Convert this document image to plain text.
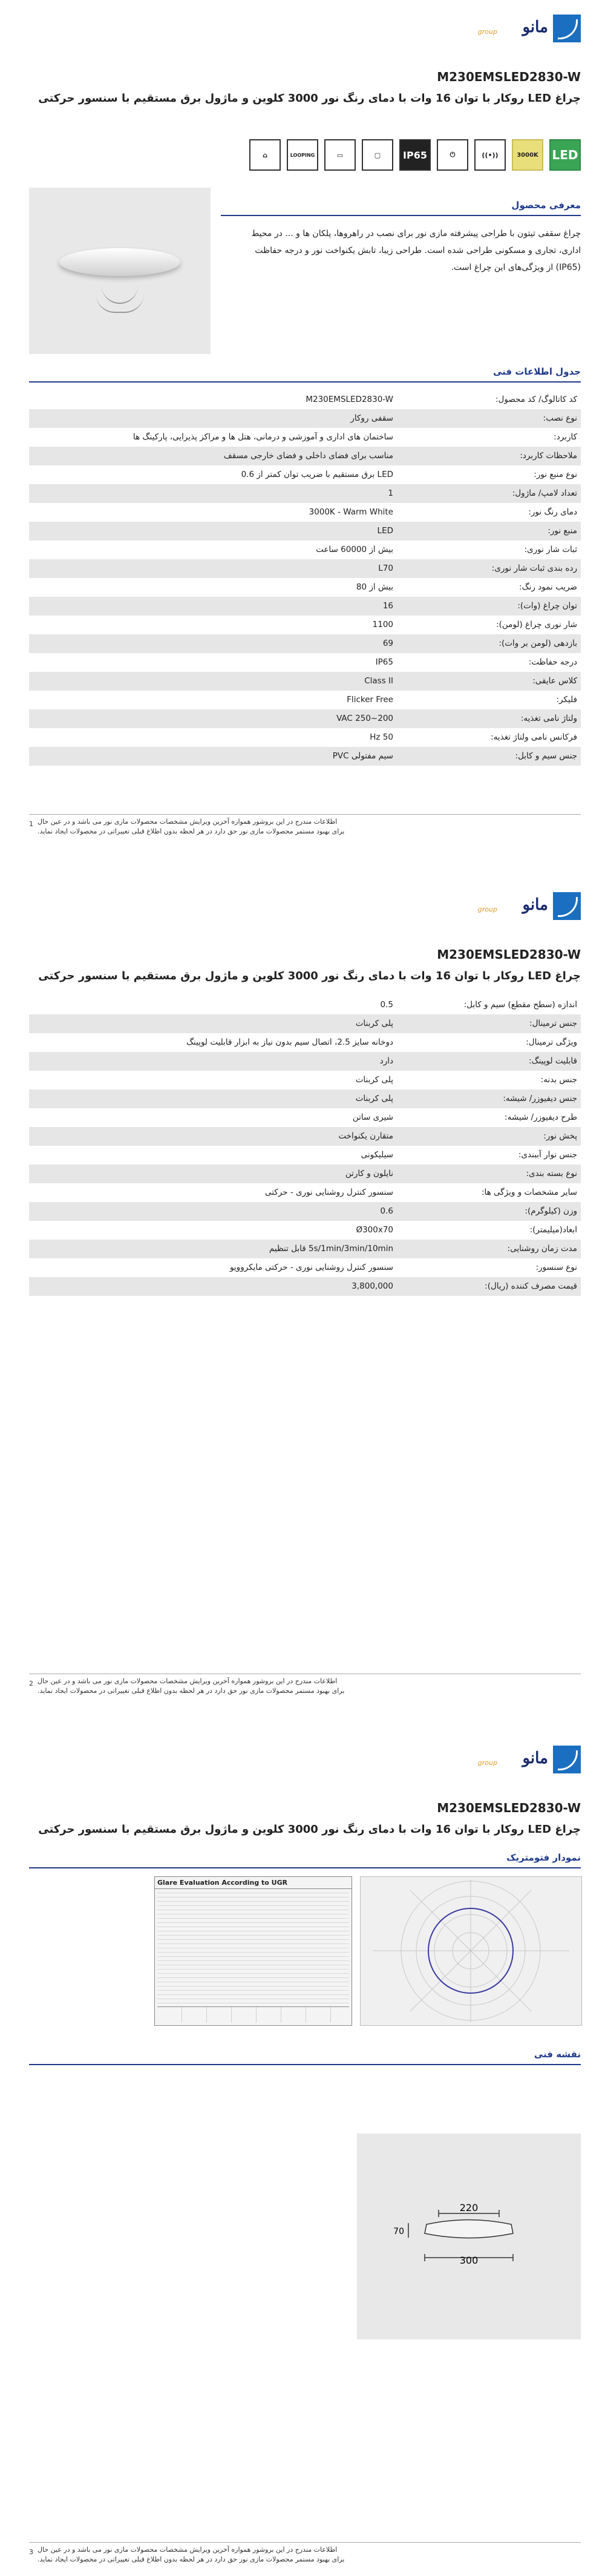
group مانو
M230EMSLED2830-W
چراغ LED روکار با توان 16 وات با دمای رنگ نور 3000 کلوین و ماژول برق مستقیم با سنسور حرکتی
LED
3000K
((•))
⏻
IP65
▢
▭
LOOPING
⌂
معرفی محصول
چراغ سقفی تیتون با طراحی پیشرفته مازی نور برای نصب در راهروها، پلکان ها و ... در محیط اداری، تجاری و مسکونی طراحی شده است. طراحی زیبا، تابش یکنواخت نور و درجه حفاظت (IP65) از ویژگی‌های این چراغ است.
جدول اطلاعات فنی
کد کاتالوگ/ کد محصول:
M230EMSLED2830-W
نوع نصب:
سقفی روکار
کاربرد:
ساختمان های اداری و آموزشی و درمانی، هتل ها و مراکز پذیرایی، پارکینگ ها
ملاحظات کاربرد:
مناسب برای فضای داخلی و فضای خارجی مسقف
نوع منبع نور:
LED برق مستقیم با ضریب توان کمتر از 0.6
تعداد لامپ/ ماژول:
1
دمای رنگ نور:
3000K - Warm White
منبع نور:
LED
ثبات شار نوری:
بیش از 60000 ساعت
رده بندی ثبات شار نوری:
L70
ضریب نمود رنگ:
بیش از 80
توان چراغ (وات):
16
شار نوری چراغ (لومن):
1100
بازدهی (لومن بر وات):
69
درجه حفاظت:
IP65
کلاس عایقی:
Class II
فلیکر:
Flicker Free
ولتاژ نامی تغذیه:
VAC 250~200
فرکانس نامی ولتاژ تغذیه:
Hz 50
جنس سیم و کابل:
سیم مفتولی PVC
1 اطلاعات مندرج در این بروشور همواره آخرین ویرایش مشخصات محصولات مازی نور می باشد و در عین حال
برای بهبود مستمر محصولات مازی نور حق دارد در هر لحظه بدون اطلاع قبلی تغییراتی در محصولات ایجاد نماید.
group مانو
M230EMSLED2830-W
چراغ LED روکار با توان 16 وات با دمای رنگ نور 3000 کلوین و ماژول برق مستقیم با سنسور حرکتی
اندازه (سطح مقطع) سیم و کابل:
0.5
جنس ترمینال:
پلی کربنات
ویژگی ترمینال:
دوخانه سایز 2.5، اتصال سیم بدون نیاز به ابزار قابلیت لوپینگ
قابلیت لوپینگ:
دارد
جنس بدنه:
پلی کربنات
جنس دیفیوزر/ شیشه:
پلی کربنات
طرح دیفیوزر/ شیشه:
شیری ساتن
پخش نور:
متقارن یکنواخت
جنس نوار آببندی:
سیلیکونی
نوع بسته بندی:
نایلون و کارتن
سایر مشخصات و ویژگی ها:
سنسور کنترل روشنایی نوری - حرکتی
وزن (کیلوگرم):
0.6
ابعاد(میلیمتر):
Ø300x70
مدت زمان روشنایی:
5s/1min/3min/10min قابل تنظیم
نوع سنسور:
سنسور کنترل روشنایی نوری - حرکتی مایکروویو
قیمت مصرف کننده (ریال):
3,800,000
2 اطلاعات مندرج در این بروشور همواره آخرین ویرایش مشخصات محصولات مازی نور می باشد و در عین حال
برای بهبود مستمر محصولات مازی نور حق دارد در هر لحظه بدون اطلاع قبلی تغییراتی در محصولات ایجاد نماید.
group مانو
M230EMSLED2830-W
چراغ LED روکار با توان 16 وات با دمای رنگ نور 3000 کلوین و ماژول برق مستقیم با سنسور حرکتی
نمودار فتومتریک
نقشه فنی
3 اطلاعات مندرج در این بروشور همواره آخرین ویرایش مشخصات محصولات مازی نور می باشد و در عین حال
برای بهبود مستمر محصولات مازی نور حق دارد در هر لحظه بدون اطلاع قبلی تغییراتی در محصولات ایجاد نماید.
Glare Evaluation According to UGR
220
300
70
